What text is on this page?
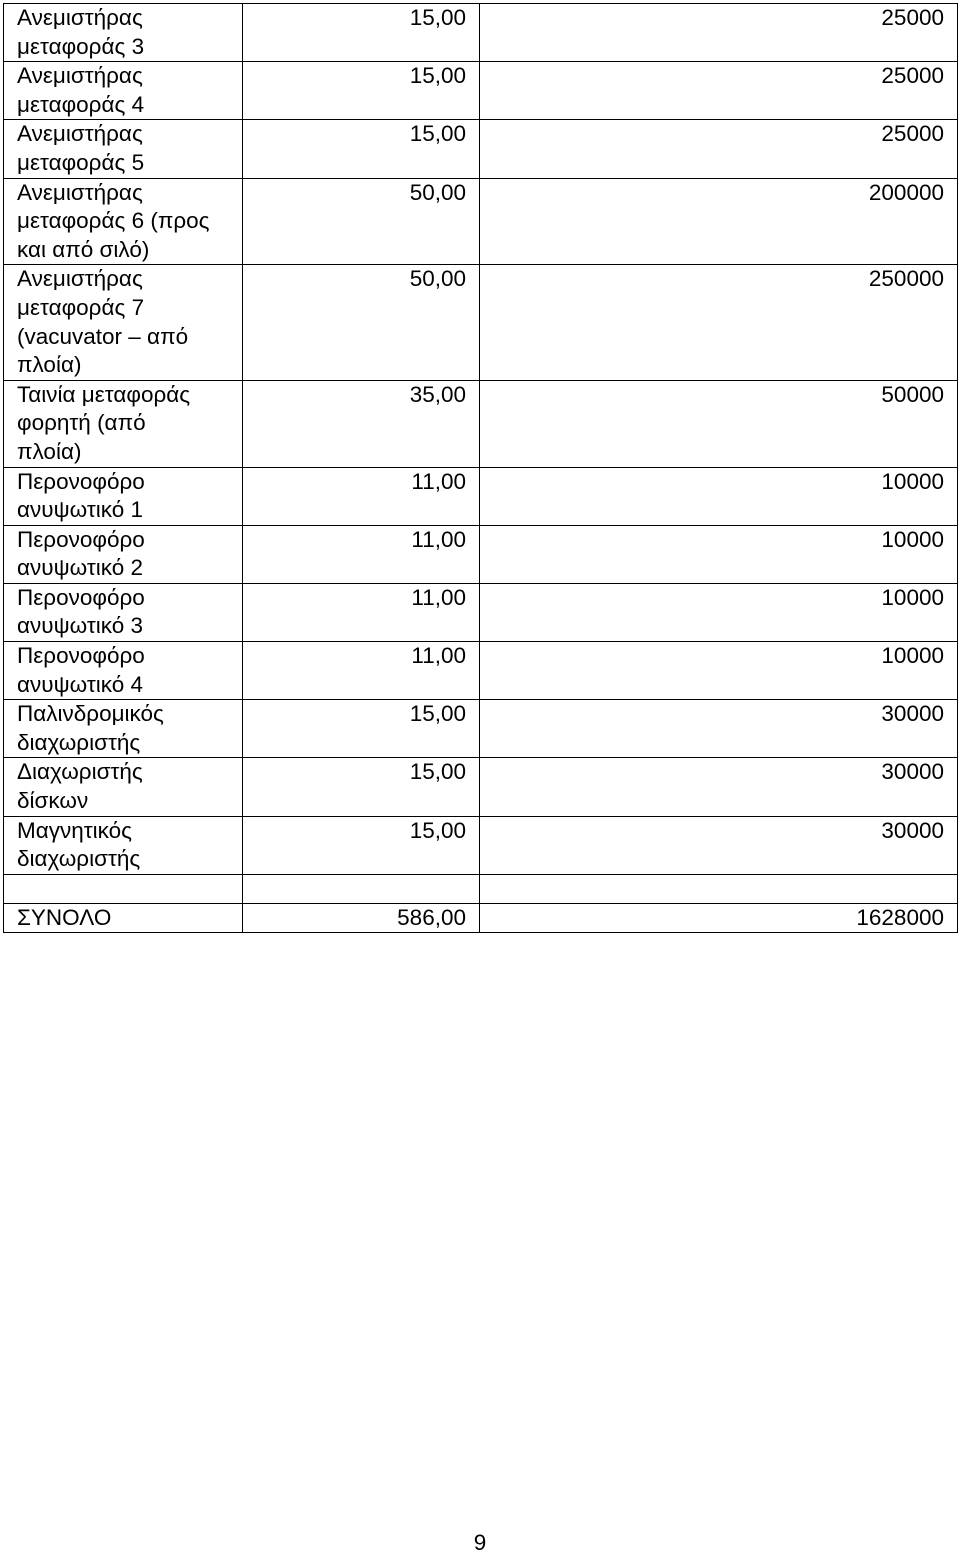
Ανεμιστήρας
μεταφοράς 3	15,00	25000

Ανεμιστήρας
μεταφοράς 4	15,00	25000

Ανεμιστήρας
μεταφοράς 5	15,00	25000

Ανεμιστήρας
μεταφοράς 6 (προς
και από σιλό)	50,00	200000

Ανεμιστήρας
μεταφοράς 7
(vacuvator – από
πλοία)	50,00	250000

Ταινία μεταφοράς
φορητή (από
πλοία)	35,00	50000

Περονοφόρο
ανυψωτικό 1	11,00	10000

Περονοφόρο
ανυψωτικό 2	11,00	10000

Περονοφόρο
ανυψωτικό 3	11,00	10000

Περονοφόρο
ανυψωτικό 4	11,00	10000

Παλινδρομικός
διαχωριστής	15,00	30000

Διαχωριστής
δίσκων	15,00	30000

Μαγνητικός
διαχωριστής	15,00	30000

ΣΥΝΟΛΟ	586,00	1628000
9
